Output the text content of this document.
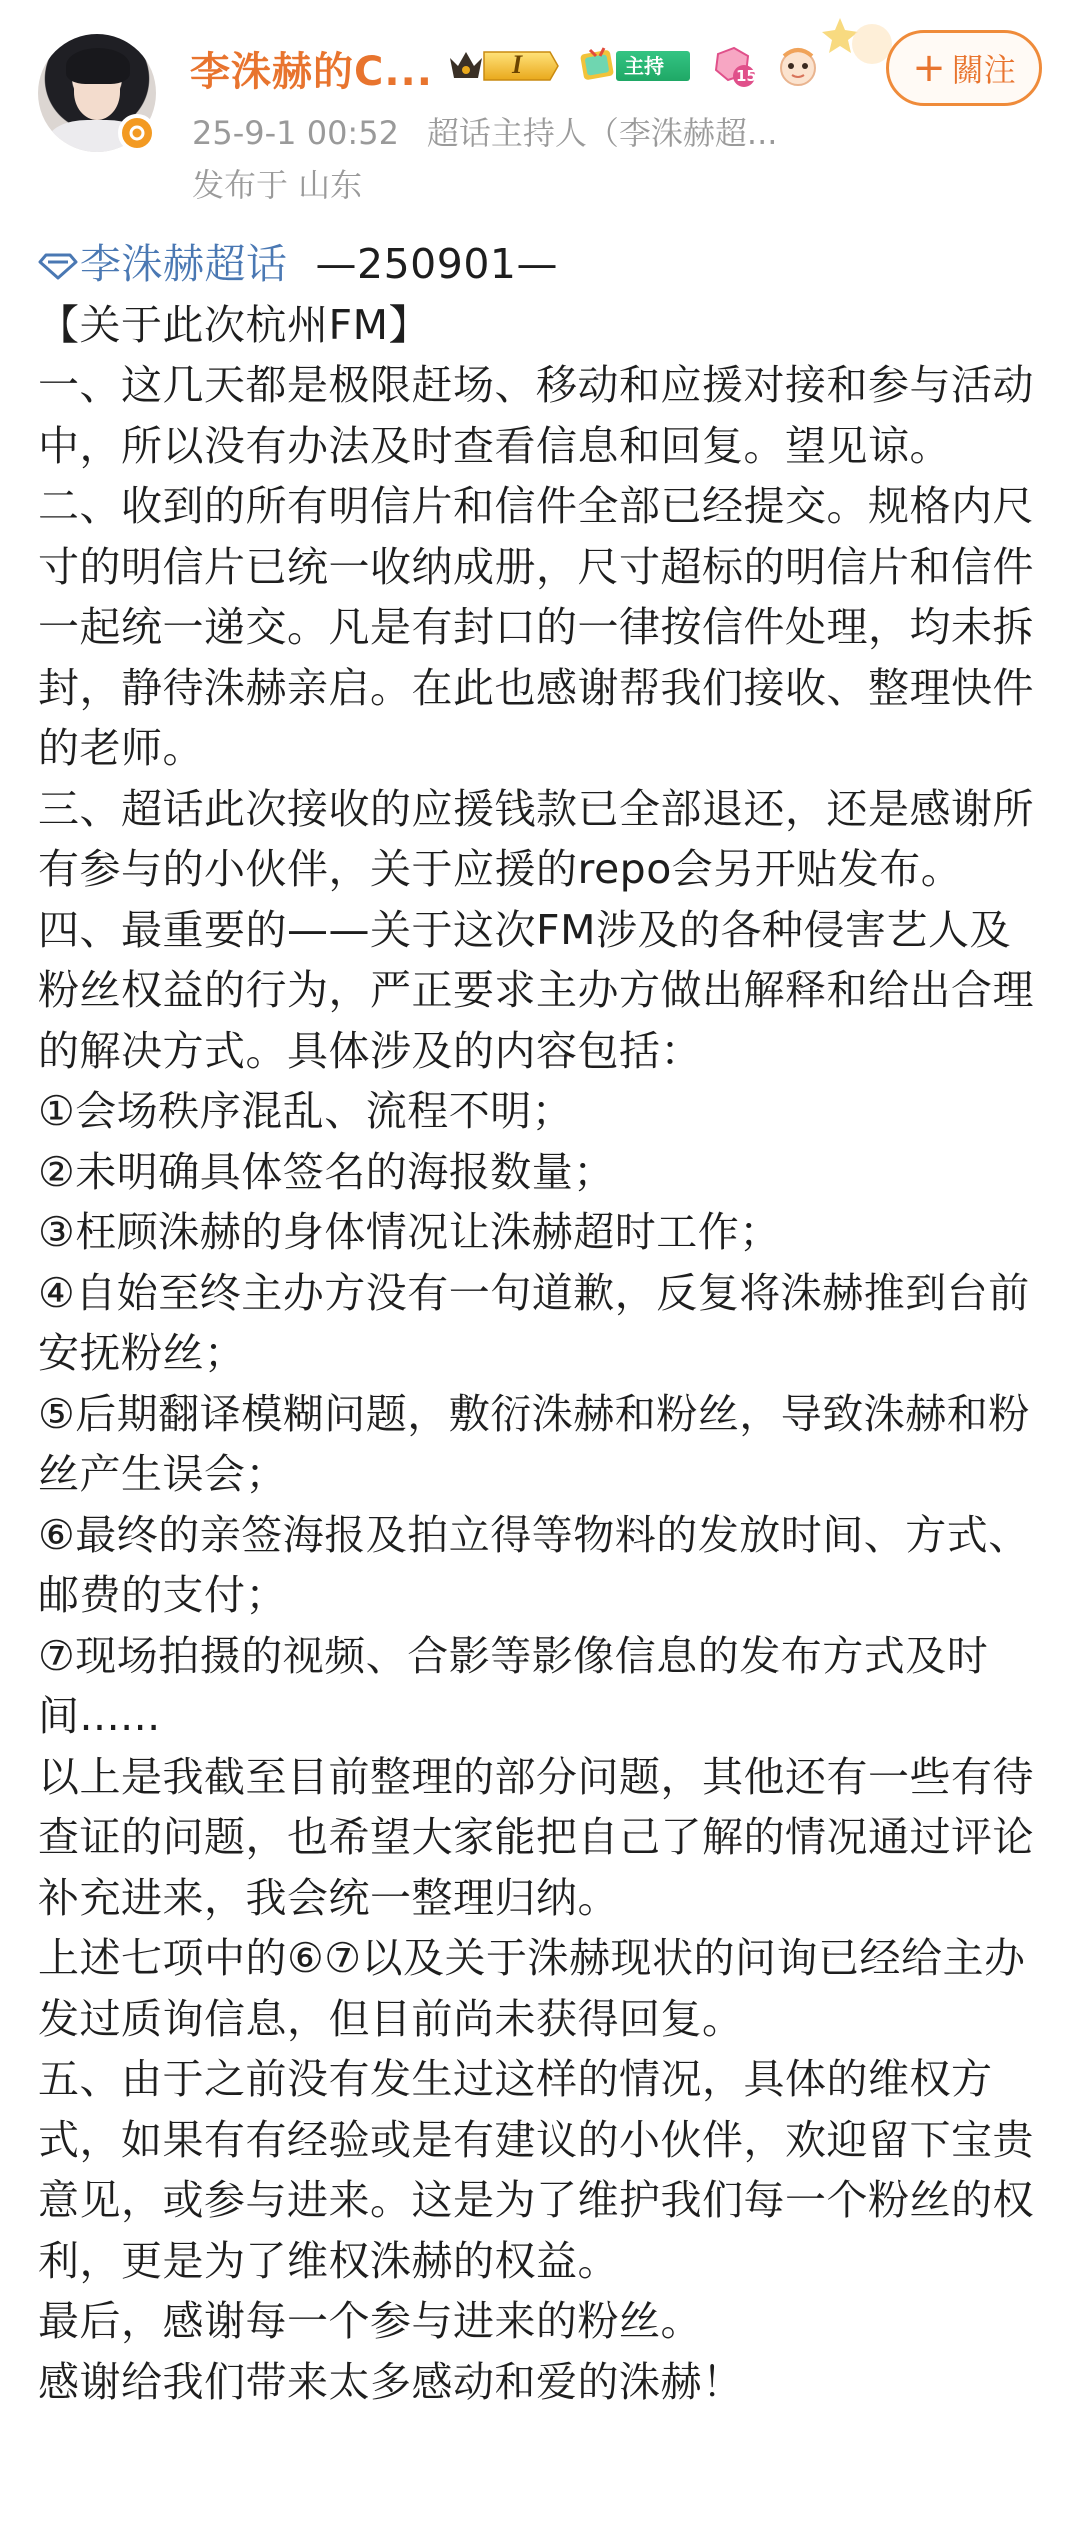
李洙赫的C...	I	主持人
15	+ 關注
25-9-1 00:52 超话主持人（李洙赫超...
发布于 山东

李洙赫超话 —250901—

【关于此次杭州FM】

一、这几天都是极限赶场、移动和应援对接和参与活动中，所以没有办法及时查看信息和回复。望见谅。

二、收到的所有明信片和信件全部已经提交。规格内尺寸的明信片已统一收纳成册，尺寸超标的明信片和信件一起统一递交。凡是有封口的一律按信件处理，均未拆封，静待洙赫亲启。在此也感谢帮我们接收、整理快件的老师。

三、超话此次接收的应援钱款已全部退还，还是感谢所有参与的小伙伴，关于应援的repo会另开贴发布。

四、最重要的——关于这次FM涉及的各种侵害艺人及粉丝权益的行为，严正要求主办方做出解释和给出合理的解决方式。具体涉及的内容包括：

①会场秩序混乱、流程不明；

②未明确具体签名的海报数量；

③枉顾洙赫的身体情况让洙赫超时工作；

④自始至终主办方没有一句道歉，反复将洙赫推到台前安抚粉丝；

⑤后期翻译模糊问题，敷衍洙赫和粉丝，导致洙赫和粉丝产生误会；

⑥最终的亲签海报及拍立得等物料的发放时间、方式、邮费的支付；

⑦现场拍摄的视频、合影等影像信息的发布方式及时间......

以上是我截至目前整理的部分问题，其他还有一些有待查证的问题，也希望大家能把自己了解的情况通过评论补充进来，我会统一整理归纳。

上述七项中的⑥⑦以及关于洙赫现状的问询已经给主办发过质询信息，但目前尚未获得回复。

五、由于之前没有发生过这样的情况，具体的维权方式，如果有有经验或是有建议的小伙伴，欢迎留下宝贵意见，或参与进来。这是为了维护我们每一个粉丝的权利，更是为了维权洙赫的权益。

最后，感谢每一个参与进来的粉丝。

感谢给我们带来太多感动和爱的洙赫！
